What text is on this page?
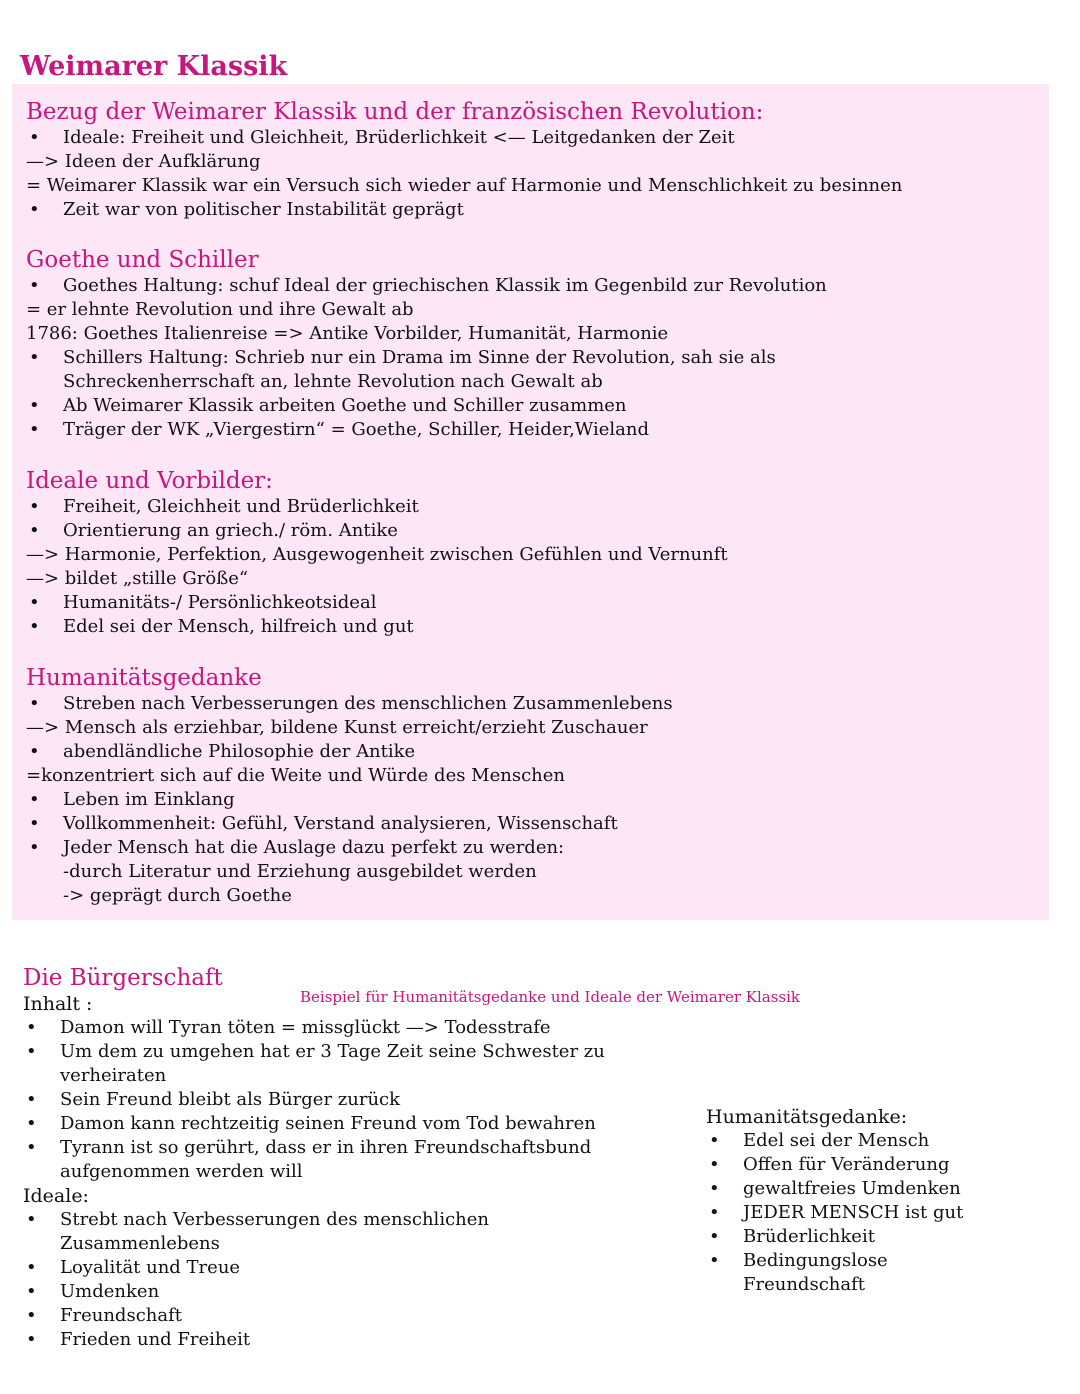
Weimarer Klassik
Bezug der Weimarer Klassik und der französischen Revolution:
• Ideale: Freiheit und Gleichheit, Brüderlichkeit <— Leitgedanken der Zeit
—> Ideen der Aufklärung
= Weimarer Klassik war ein Versuch sich wieder auf Harmonie und Menschlichkeit zu besinnen
• Zeit war von politischer Instabilität geprägt
Goethe und Schiller
• Goethes Haltung: schuf Ideal der griechischen Klassik im Gegenbild zur Revolution
= er lehnte Revolution und ihre Gewalt ab
1786: Goethes Italienreise => Antike Vorbilder, Humanität, Harmonie
• Schillers Haltung: Schrieb nur ein Drama im Sinne der Revolution, sah sie als
Schreckenherrschaft an, lehnte Revolution nach Gewalt ab
• Ab Weimarer Klassik arbeiten Goethe und Schiller zusammen
• Träger der WK „Viergestirn“ = Goethe, Schiller, Heider,Wieland
Ideale und Vorbilder:
• Freiheit, Gleichheit und Brüderlichkeit
• Orientierung an griech./ röm. Antike
—> Harmonie, Perfektion, Ausgewogenheit zwischen Gefühlen und Vernunft
—> bildet „stille Größe“
• Humanitäts-/ Persönlichkeotsideal
• Edel sei der Mensch, hilfreich und gut
Humanitätsgedanke
• Streben nach Verbesserungen des menschlichen Zusammenlebens
—> Mensch als erziehbar, bildene Kunst erreicht/erzieht Zuschauer
• abendländliche Philosophie der Antike
=konzentriert sich auf die Weite und Würde des Menschen
• Leben im Einklang
• Vollkommenheit: Gefühl, Verstand analysieren, Wissenschaft
• Jeder Mensch hat die Auslage dazu perfekt zu werden:
-durch Literatur und Erziehung ausgebildet werden
-> geprägt durch Goethe
Die Bürgerschaft
Inhalt :
• Damon will Tyran töten = missglückt —> Todesstrafe
• Um dem zu umgehen hat er 3 Tage Zeit seine Schwester zu
verheiraten
• Sein Freund bleibt als Bürger zurück
• Damon kann rechtzeitig seinen Freund vom Tod bewahren
• Tyrann ist so gerührt, dass er in ihren Freundschaftsbund
aufgenommen werden will
Ideale:
• Strebt nach Verbesserungen des menschlichen
Zusammenlebens
• Loyalität und Treue
• Umdenken
• Freundschaft
• Frieden und Freiheit
Beispiel für Humanitätsgedanke und Ideale der Weimarer Klassik
Humanitätsgedanke:
• Edel sei der Mensch
• Offen für Veränderung
• gewaltfreies Umdenken
• JEDER MENSCH ist gut
• Brüderlichkeit
• Bedingungslose
Freundschaft
